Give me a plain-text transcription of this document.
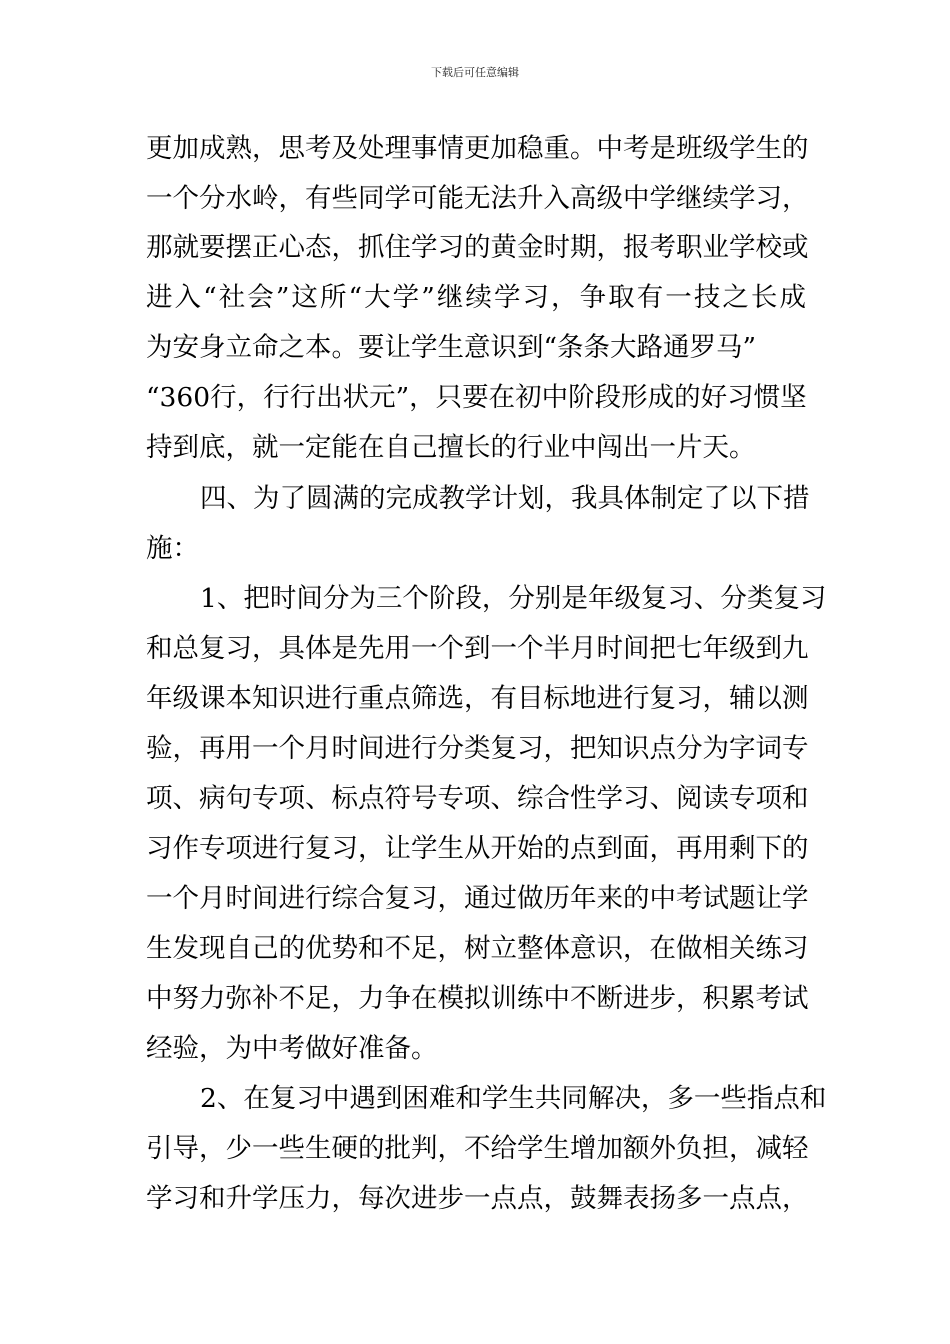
下载后可任意编辑
更加成熟，思考及处理事情更加稳重。中考是班级学生的
一个分水岭，有些同学可能无法升入高级中学继续学习，
那就要摆正心态，抓住学习的黄金时期，报考职业学校或
进入“社会”这所“大学”继续学习，争取有一技之长成
为安身立命之本。要让学生意识到“条条大路通罗马”
“360行，行行出状元”，只要在初中阶段形成的好习惯坚
持到底，就一定能在自己擅长的行业中闯出一片天。
四、为了圆满的完成教学计划，我具体制定了以下措
施：
1、把时间分为三个阶段，分别是年级复习、分类复习
和总复习，具体是先用一个到一个半月时间把七年级到九
年级课本知识进行重点筛选，有目标地进行复习，辅以测
验，再用一个月时间进行分类复习，把知识点分为字词专
项、病句专项、标点符号专项、综合性学习、阅读专项和
习作专项进行复习，让学生从开始的点到面，再用剩下的
一个月时间进行综合复习，通过做历年来的中考试题让学
生发现自己的优势和不足，树立整体意识，在做相关练习
中努力弥补不足，力争在模拟训练中不断进步，积累考试
经验，为中考做好准备。
2、在复习中遇到困难和学生共同解决，多一些指点和
引导，少一些生硬的批判，不给学生增加额外负担，减轻
学习和升学压力，每次进步一点点，鼓舞表扬多一点点，
